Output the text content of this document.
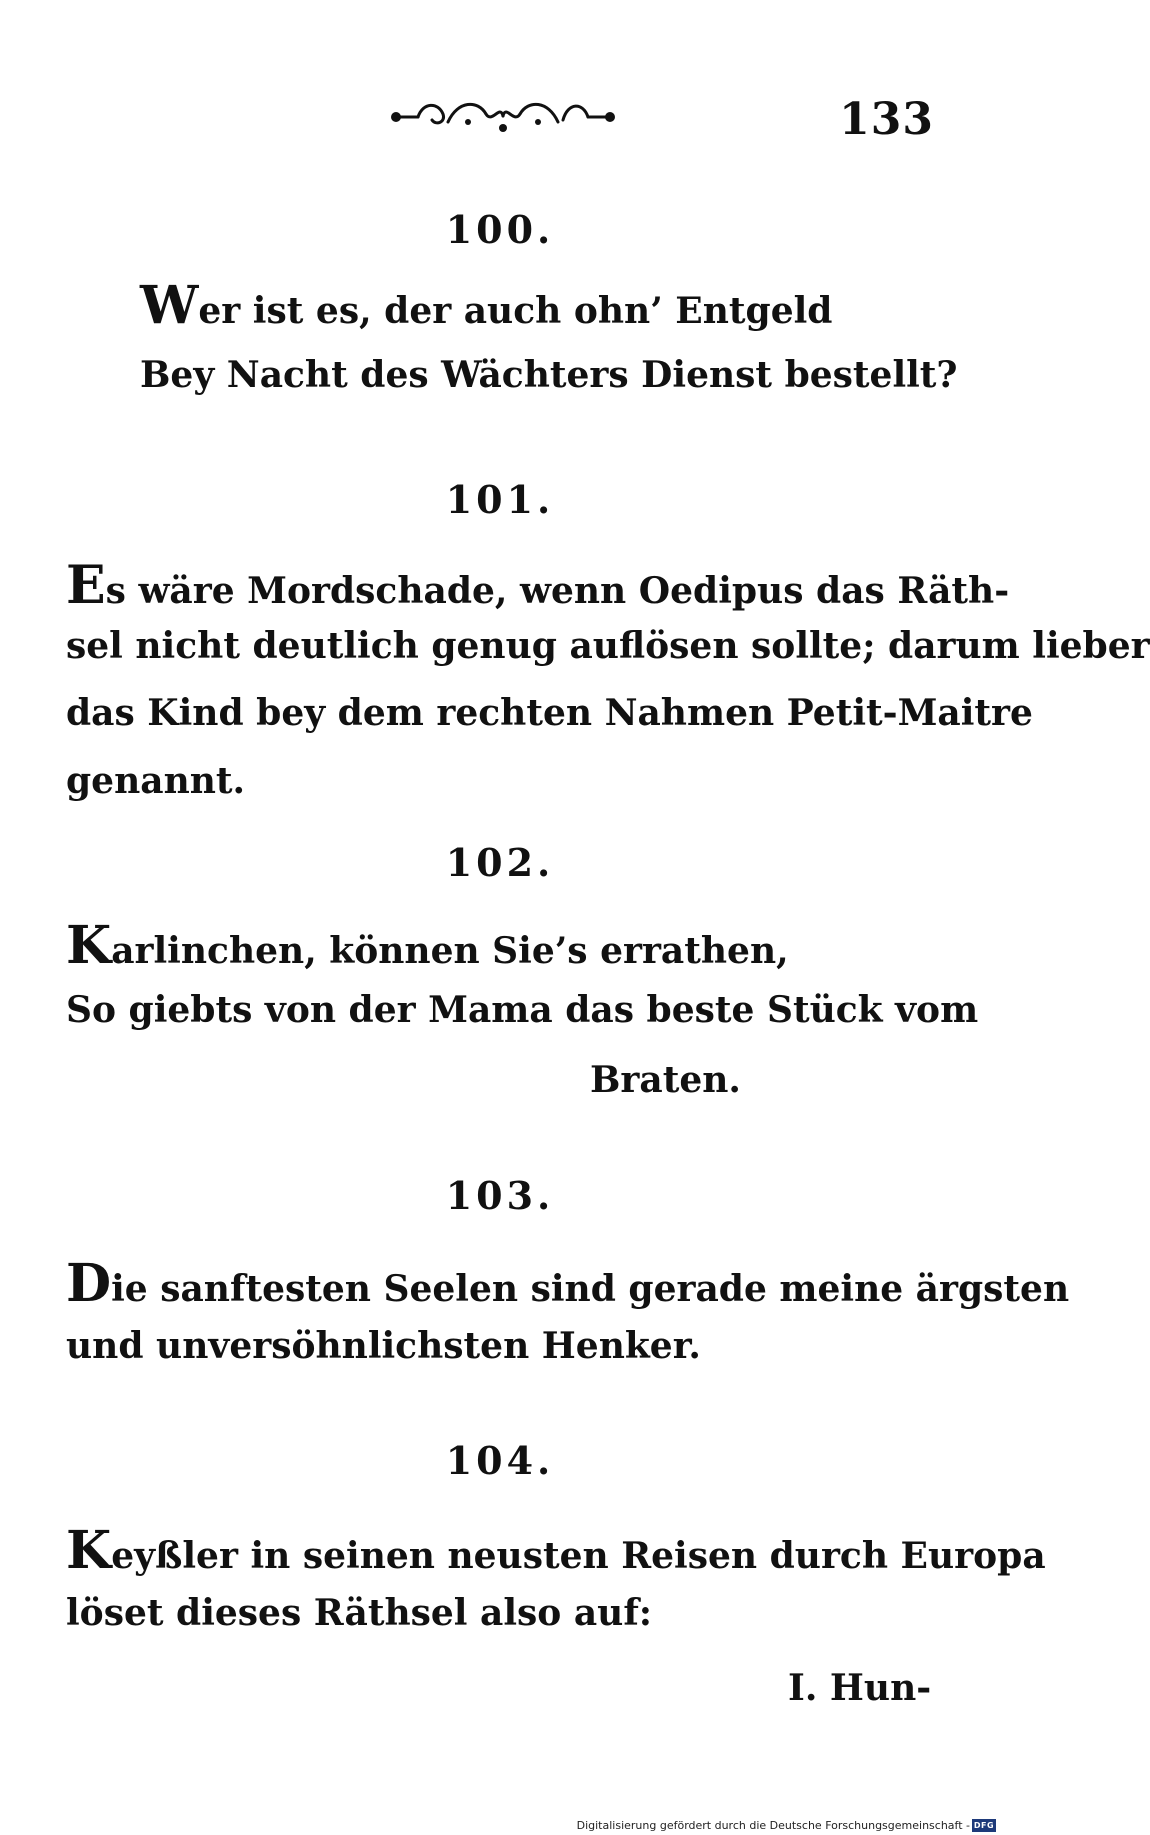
133
100.
Wer ist es, der auch ohn’ Entgeld
Bey Nacht des Wächters Dienst bestellt?
101.
Es wäre Mordschade, wenn Oedipus das Räth-
sel nicht deutlich genug auflösen sollte; darum lieber
das Kind bey dem rechten Nahmen Petit-Maitre
genannt.
102.
Karlinchen, können Sie’s errathen,
So giebts von der Mama das beste Stück vom
Braten.
103.
Die sanftesten Seelen sind gerade meine ärgsten
und unversöhnlichsten Henker.
104.
Keyßler in seinen neusten Reisen durch Europa
löset dieses Räthsel also auf:
I. Hun-
Digitalisierung gefördert durch die Deutsche Forschungsgemeinschaft - DFG
